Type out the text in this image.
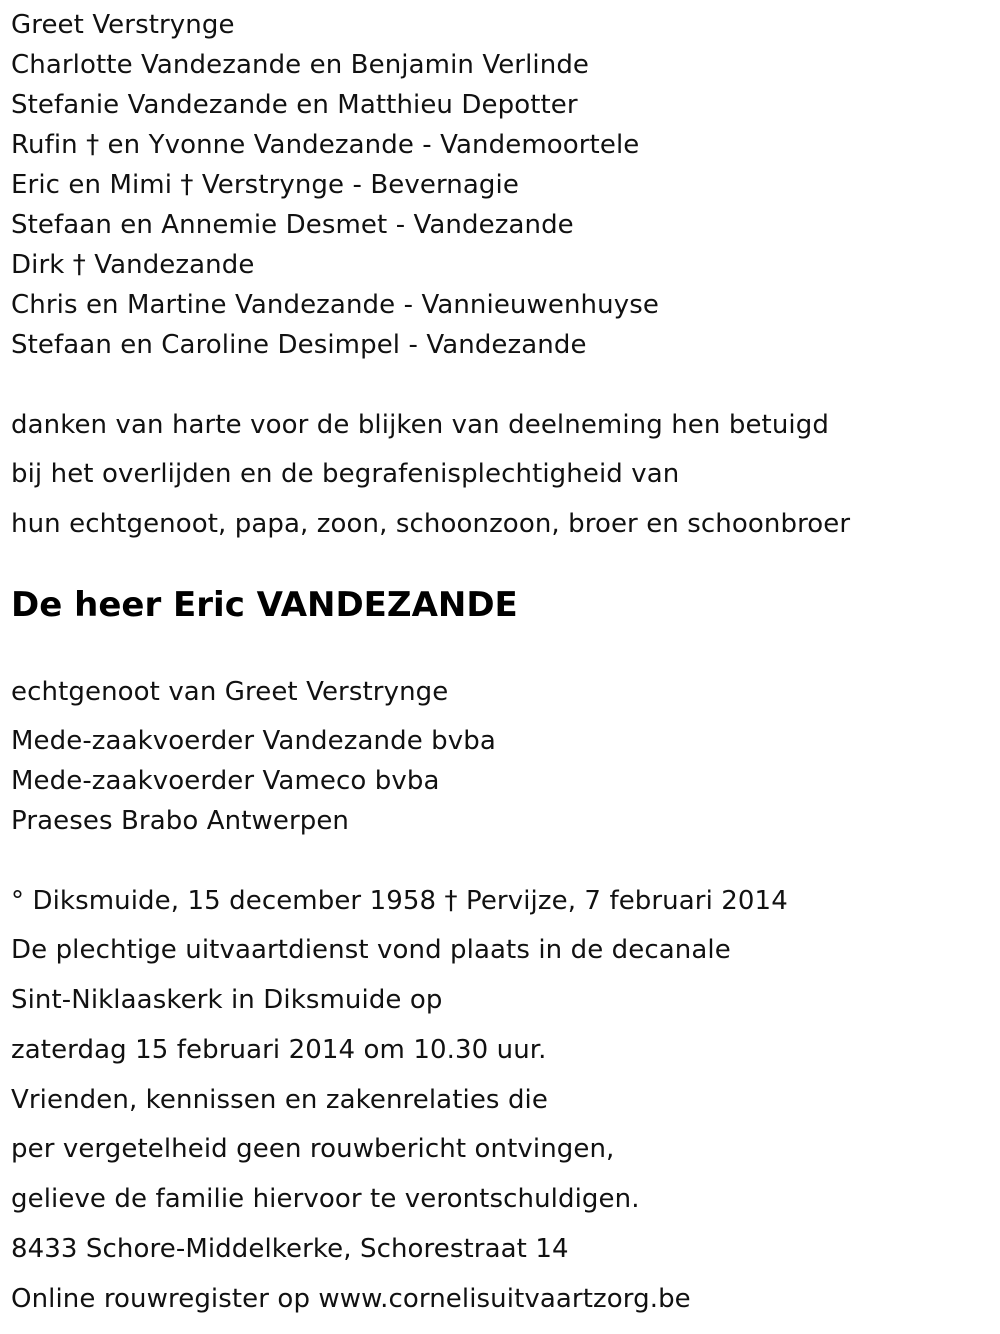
Greet Verstrynge
Charlotte Vandezande en Benjamin Verlinde
Stefanie Vandezande en Matthieu Depotter
Rufin † en Yvonne Vandezande - Vandemoortele
Eric en Mimi † Verstrynge - Bevernagie
Stefaan en Annemie Desmet - Vandezande
Dirk † Vandezande
Chris en Martine Vandezande - Vannieuwenhuyse
Stefaan en Caroline Desimpel - Vandezande
danken van harte voor de blijken van deelneming hen betuigd
bij het overlijden en de begrafenisplechtigheid van
hun echtgenoot, papa, zoon, schoonzoon, broer en schoonbroer
De heer Eric VANDEZANDE
echtgenoot van Greet Verstrynge
Mede-zaakvoerder Vandezande bvba
Mede-zaakvoerder Vameco bvba
Praeses Brabo Antwerpen
° Diksmuide, 15 december 1958 † Pervijze, 7 februari 2014
De plechtige uitvaartdienst vond plaats in de decanale
Sint-Niklaaskerk in Diksmuide op
zaterdag 15 februari 2014 om 10.30 uur.
Vrienden, kennissen en zakenrelaties die
per vergetelheid geen rouwbericht ontvingen,
gelieve de familie hiervoor te verontschuldigen.
8433 Schore-Middelkerke, Schorestraat 14
Online rouwregister op www.cornelisuitvaartzorg.be
